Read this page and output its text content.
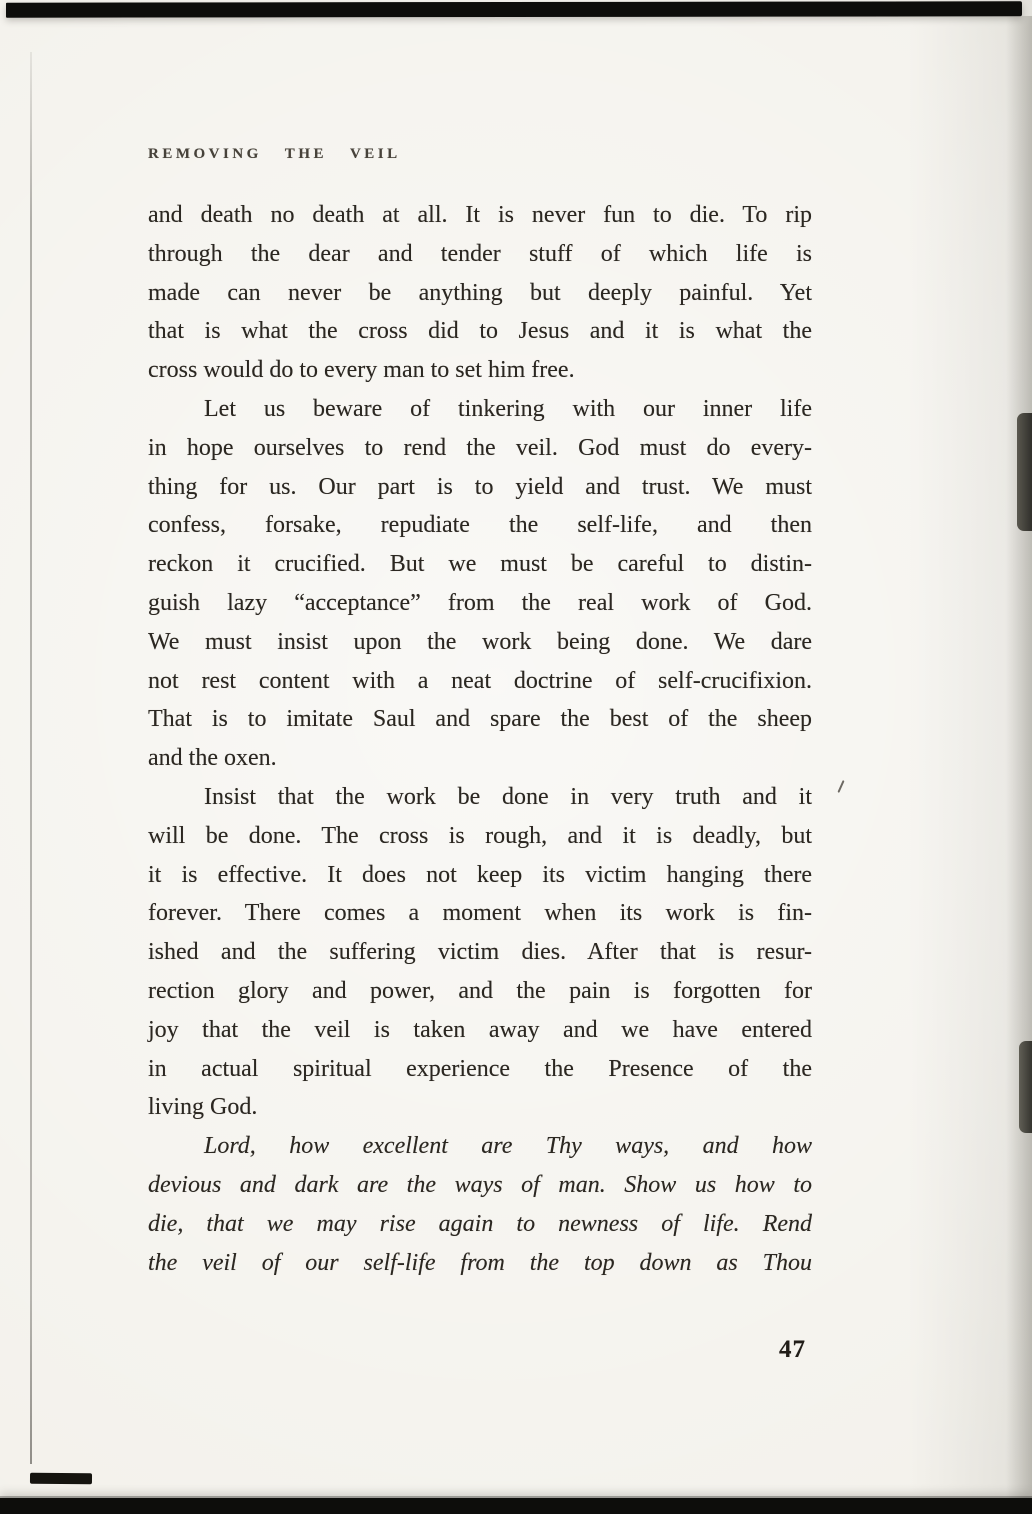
REMOVING THE VEIL
and death no death at all. It is never fun to die. To rip
through the dear and tender stuff of which life is
made can never be anything but deeply painful. Yet
that is what the cross did to Jesus and it is what the
cross would do to every man to set him free.
Let us beware of tinkering with our inner life
in hope ourselves to rend the veil. God must do every-
thing for us. Our part is to yield and trust. We must
confess, forsake, repudiate the self-life, and then
reckon it crucified. But we must be careful to distin-
guish lazy “acceptance” from the real work of God.
We must insist upon the work being done. We dare
not rest content with a neat doctrine of self-crucifixion.
That is to imitate Saul and spare the best of the sheep
and the oxen.
Insist that the work be done in very truth and it
will be done. The cross is rough, and it is deadly, but
it is effective. It does not keep its victim hanging there
forever. There comes a moment when its work is fin-
ished and the suffering victim dies. After that is resur-
rection glory and power, and the pain is forgotten for
joy that the veil is taken away and we have entered
in actual spiritual experience the Presence of the
living God.
Lord, how excellent are Thy ways, and how
devious and dark are the ways of man. Show us how to
die, that we may rise again to newness of life. Rend
the veil of our self-life from the top down as Thou
47
